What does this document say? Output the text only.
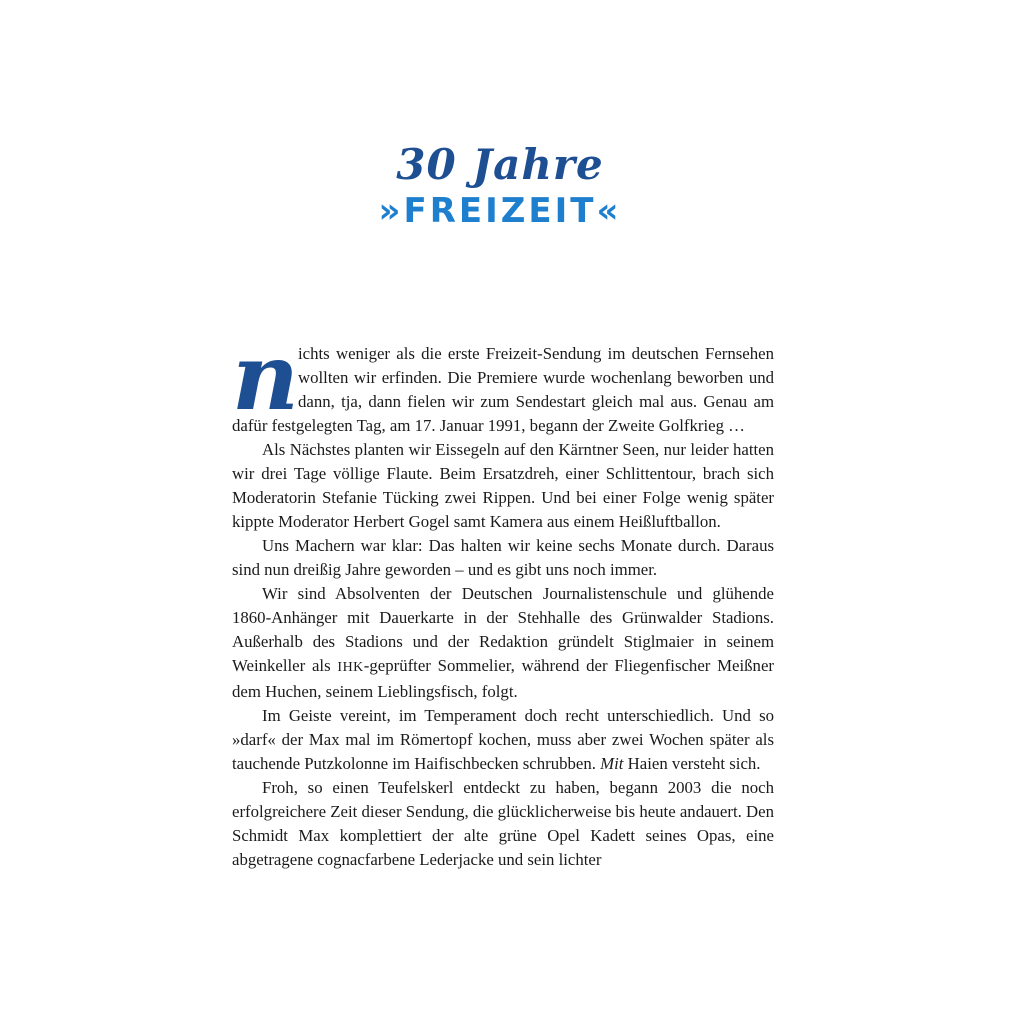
30 Jahre
»FREIZEIT«

nichts weniger als die erste Freizeit-Sendung im deutschen Fernsehen wollten wir erfinden. Die Premiere wurde wochenlang beworben und dann, tja, dann fielen wir zum Sendestart gleich mal aus. Genau am dafür festgelegten Tag, am 17. Januar 1991, begann der Zweite Golfkrieg …

Als Nächstes planten wir Eissegeln auf den Kärntner Seen, nur leider hatten wir drei Tage völlige Flaute. Beim Ersatzdreh, einer Schlittentour, brach sich Moderatorin Stefanie Tücking zwei Rippen. Und bei einer Folge wenig später kippte Moderator Herbert Gogel samt Kamera aus einem Heißluftballon.

Uns Machern war klar: Das halten wir keine sechs Monate durch. Daraus sind nun dreißig Jahre geworden – und es gibt uns noch immer.

Wir sind Absolventen der Deutschen Journalistenschule und glühende 1860-Anhänger mit Dauerkarte in der Stehhalle des Grünwalder Stadions. Außerhalb des Stadions und der Redaktion gründelt Stiglmaier in seinem Weinkeller als IHK-geprüfter Sommelier, während der Fliegenfischer Meißner dem Huchen, seinem Lieblingsfisch, folgt.

Im Geiste vereint, im Temperament doch recht unterschiedlich. Und so »darf« der Max mal im Römertopf kochen, muss aber zwei Wochen später als tauchende Putzkolonne im Haifischbecken schrubben. Mit Haien versteht sich.

Froh, so einen Teufelskerl entdeckt zu haben, begann 2003 die noch erfolgreichere Zeit dieser Sendung, die glücklicherweise bis heute andauert. Den Schmidt Max komplettiert der alte grüne Opel Kadett seines Opas, eine abgetragene cognacfarbene Lederjacke und sein lichter
